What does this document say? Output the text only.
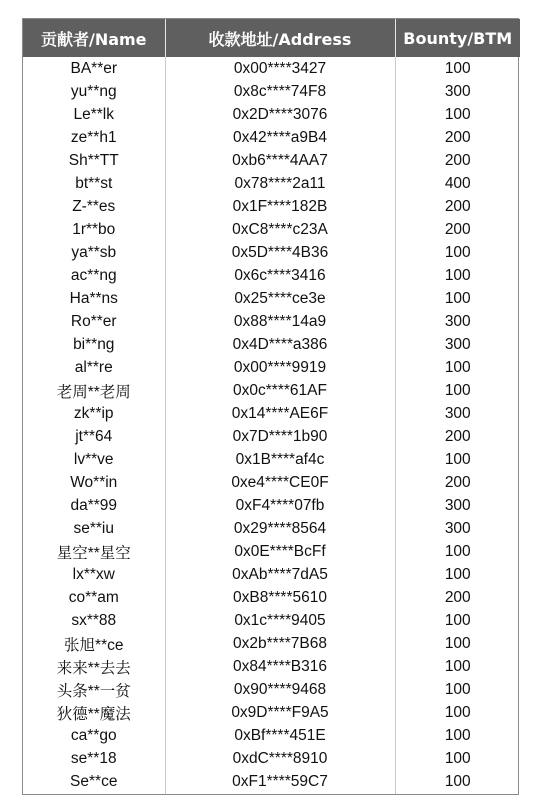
贡献者/Name	收款地址/Address	Bounty/BTM
BA**er	0x00****3427	100
yu**ng	0x8c****74F8	300
Le**lk	0x2D****3076	100
ze**h1	0x42****a9B4	200
Sh**TT	0xb6****4AA7	200
bt**st	0x78****2a11	400
Z-**es	0x1F****182B	200
1r**bo	0xC8****c23A	200
ya**sb	0x5D****4B36	100
ac**ng	0x6c****3416	100
Ha**ns	0x25****ce3e	100
Ro**er	0x88****14a9	300
bi**ng	0x4D****a386	300
al**re	0x00****9919	100
老周**老周	0x0c****61AF	100
zk**ip	0x14****AE6F	300
jt**64	0x7D****1b90	200
lv**ve	0x1B****af4c	100
Wo**in	0xe4****CE0F	200
da**99	0xF4****07fb	300
se**iu	0x29****8564	300
星空**星空	0x0E****BcFf	100
lx**xw	0xAb****7dA5	100
co**am	0xB8****5610	200
sx**88	0x1c****9405	100
张旭**ce	0x2b****7B68	100
来来**去去	0x84****B316	100
头条**一贫	0x90****9468	100
狄德**魔法	0x9D****F9A5	100
ca**go	0xBf****451E	100
se**18	0xdC****8910	100
Se**ce	0xF1****59C7	100
